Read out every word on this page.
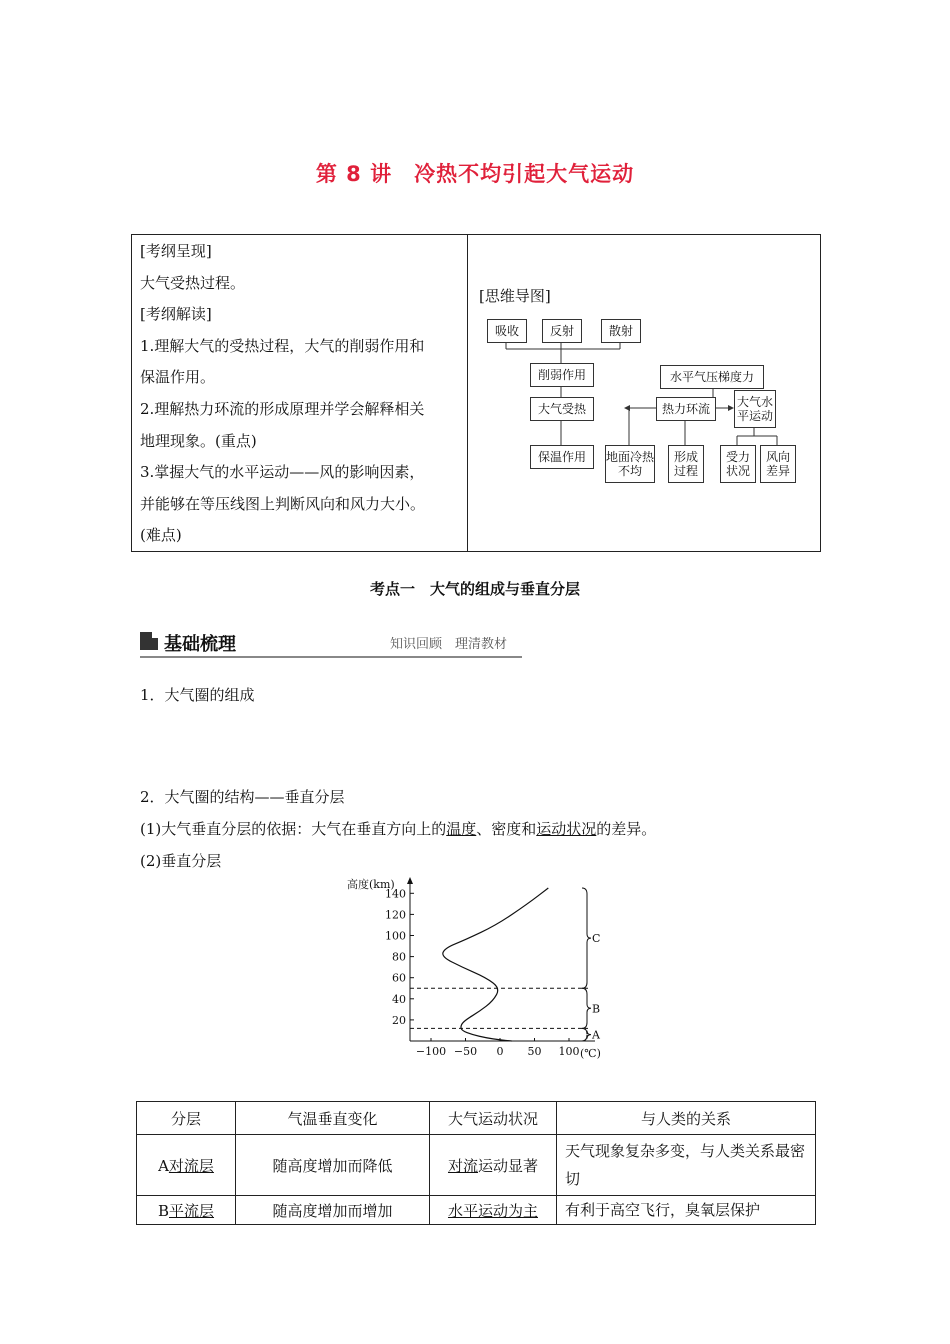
第 8 讲　冷热不均引起大气运动
[考纲呈现]
大气受热过程。
[考纲解读]
1.理解大气的受热过程，大气的削弱作用和
保温作用。
2.理解热力环流的形成原理并学会解释相关
地理现象。(重点)
3.掌握大气的水平运动——风的影响因素，
并能够在等压线图上判断风向和风力大小。
(难点)
[思维导图]
吸收	反射	散射
削弱作用
大气受热
保温作用	地面冷热不均
热力环流
形成过程
水平气压梯度力
大气水平运动
受力状况
风向差异
考点一　大气的组成与垂直分层
基础梳理	知识回顾　理清教材
1．大气圈的组成
2．大气圈的结构——垂直分层
(1)大气垂直分层的依据：大气在垂直方向上的温度、密度和运动状况的差异。
(2)垂直分层
高度(km)
(℃)
20
40
60
80
100
120
140
−100 −50 0 50 100
A
B
C
分层	气温垂直变化	大气运动状况	与人类的关系
A对流层	随高度增加而降低	对流运动显著	天气现象复杂多变，与人类关系最密切
B平流层	随高度增加而增加	水平运动为主	有利于高空飞行，臭氧层保护
